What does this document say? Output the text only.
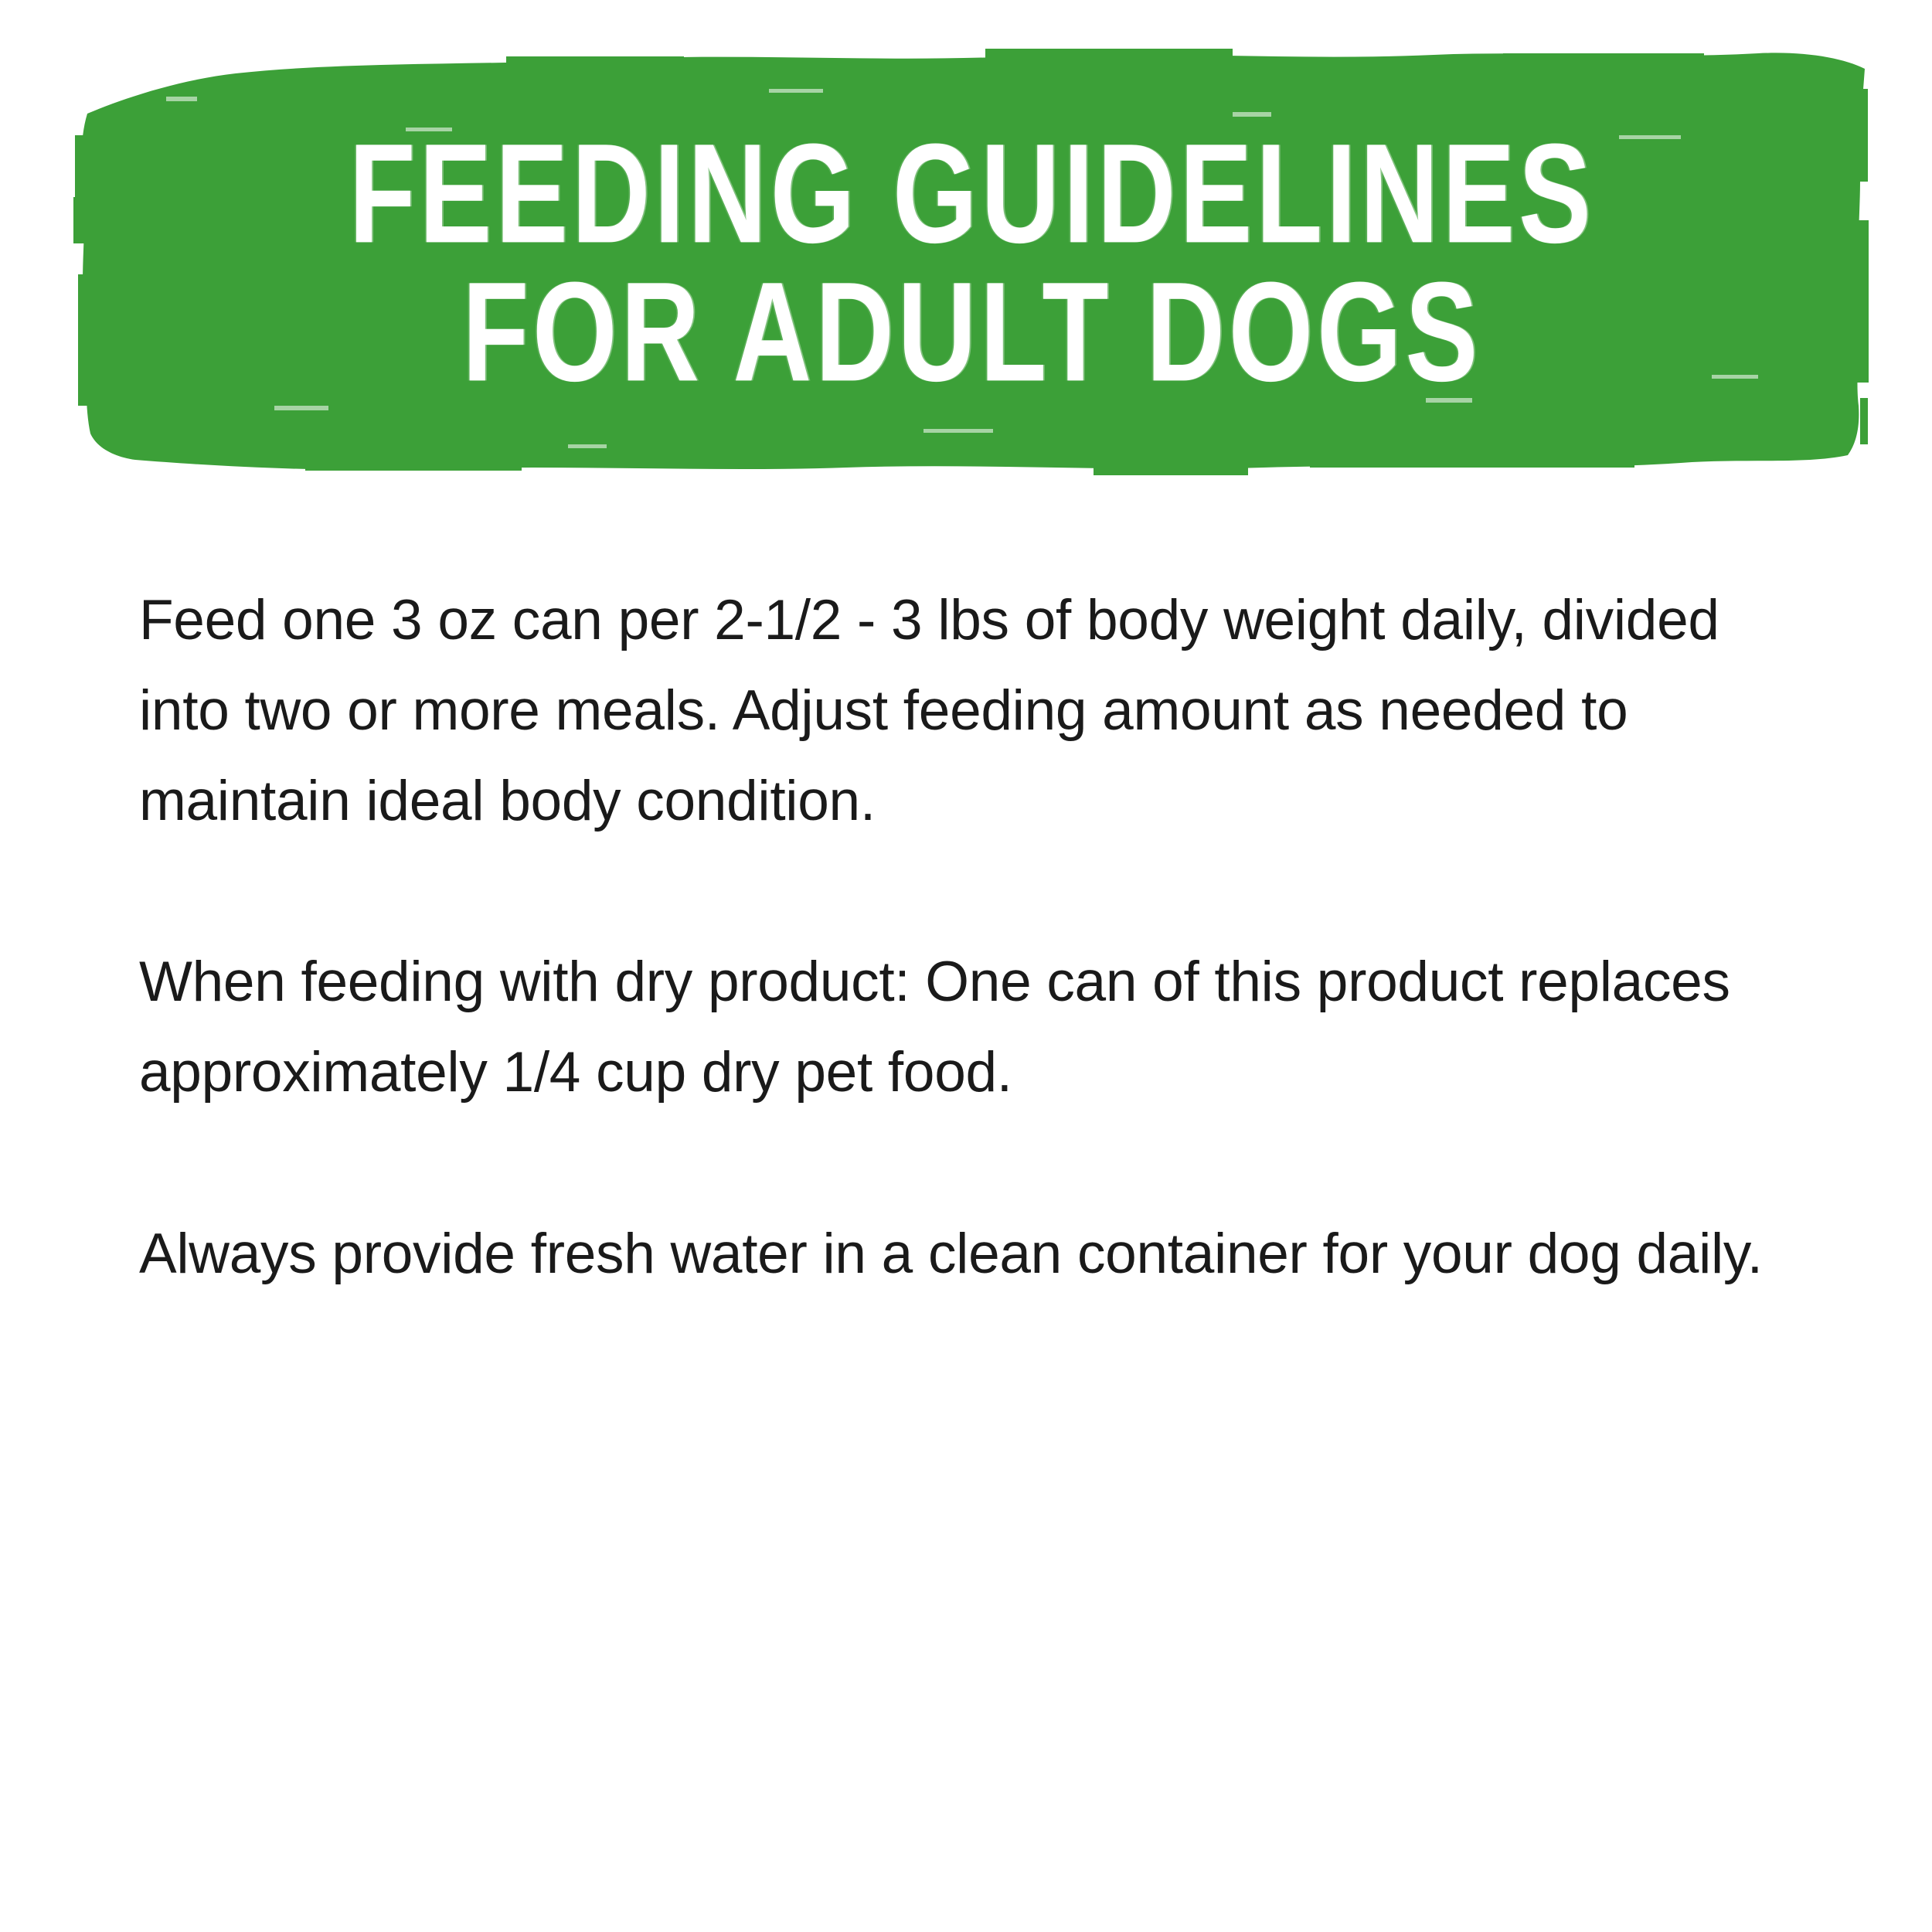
FEEDING GUIDELINES
FOR ADULT DOGS

Feed one 3 oz can per 2-1/2 - 3 lbs of body weight daily, divided into two or more meals. Adjust feeding amount as needed to maintain ideal body condition.

When feeding with dry product: One can of this product replaces approximately 1/4 cup dry pet food.

Always provide fresh water in a clean container for your dog daily.
